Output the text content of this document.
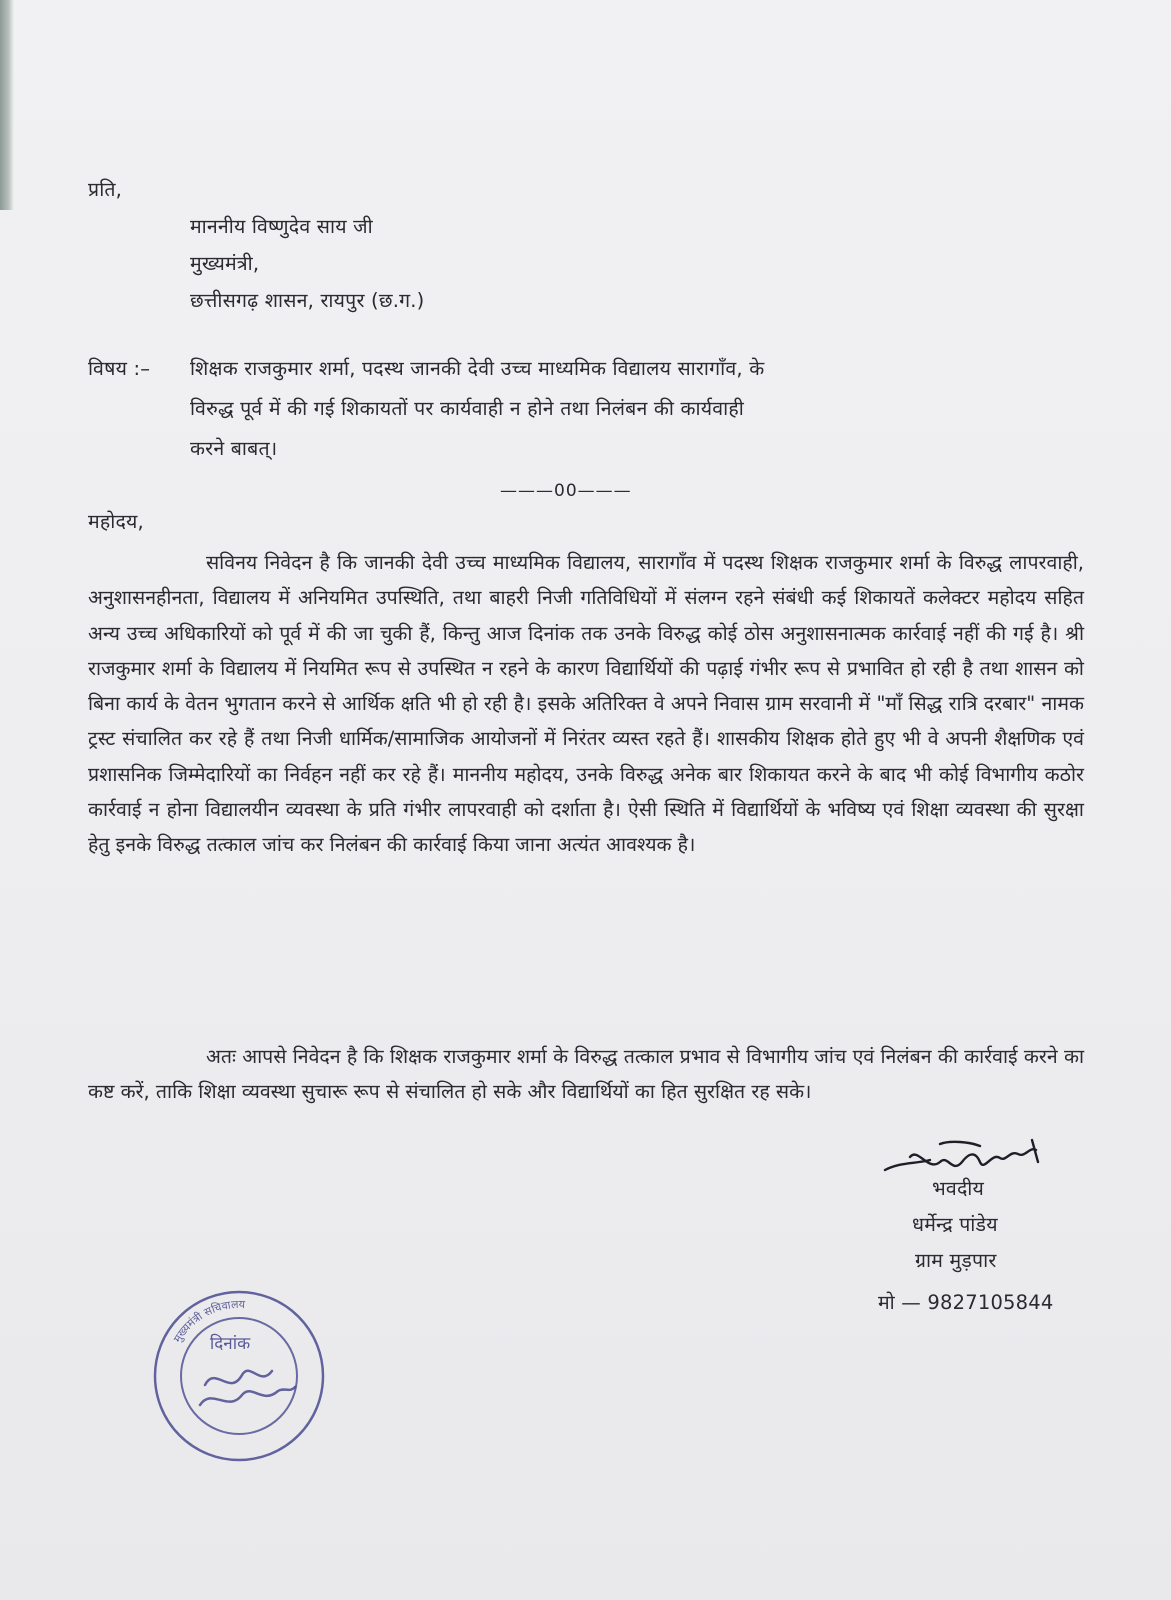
प्रति,
माननीय विष्णुदेव साय जी
मुख्यमंत्री,
छत्तीसगढ़ शासन, रायपुर (छ.ग.)
विषय :– शिक्षक राजकुमार शर्मा, पदस्थ जानकी देवी उच्च माध्यमिक विद्यालय सारागाँव, के
विरुद्ध पूर्व में की गई शिकायतों पर कार्यवाही न होने तथा निलंबन की कार्यवाही
करने बाबत्।
———00———
महोदय,

सविनय निवेदन है कि जानकी देवी उच्च माध्यमिक विद्यालय, सारागाँव में पदस्थ शिक्षक राजकुमार शर्मा के विरुद्ध लापरवाही, अनुशासनहीनता, विद्यालय में अनियमित उपस्थिति, तथा बाहरी निजी गतिविधियों में संलग्न रहने संबंधी कई शिकायतें कलेक्टर महोदय सहित अन्य उच्च अधिकारियों को पूर्व में की जा चुकी हैं, किन्तु आज दिनांक तक उनके विरुद्ध कोई ठोस अनुशासनात्मक कार्रवाई नहीं की गई है। श्री राजकुमार शर्मा के विद्यालय में नियमित रूप से उपस्थित न रहने के कारण विद्यार्थियों की पढ़ाई गंभीर रूप से प्रभावित हो रही है तथा शासन को बिना कार्य के वेतन भुगतान करने से आर्थिक क्षति भी हो रही है। इसके अतिरिक्त वे अपने निवास ग्राम सरवानी में "माँ सिद्ध रात्रि दरबार" नामक ट्रस्ट संचालित कर रहे हैं तथा निजी धार्मिक/सामाजिक आयोजनों में निरंतर व्यस्त रहते हैं। शासकीय शिक्षक होते हुए भी वे अपनी शैक्षणिक एवं प्रशासनिक जिम्मेदारियों का निर्वहन नहीं कर रहे हैं। माननीय महोदय, उनके विरुद्ध अनेक बार शिकायत करने के बाद भी कोई विभागीय कठोर कार्रवाई न होना विद्यालयीन व्यवस्था के प्रति गंभीर लापरवाही को दर्शाता है। ऐसी स्थिति में विद्यार्थियों के भविष्य एवं शिक्षा व्यवस्था की सुरक्षा हेतु इनके विरुद्ध तत्काल जांच कर निलंबन की कार्रवाई किया जाना अत्यंत आवश्यक है।

अतः आपसे निवेदन है कि शिक्षक राजकुमार शर्मा के विरुद्ध तत्काल प्रभाव से विभागीय जांच एवं निलंबन की कार्रवाई करने का कष्ट करें, ताकि शिक्षा व्यवस्था सुचारू रूप से संचालित हो सके और विद्यार्थियों का हित सुरक्षित रह सके।

भवदीय
धर्मेन्द्र पांडेय
ग्राम मुड़पार
मो — 9827105844
मुख्यमंत्री सचिवालय
दिनांक
